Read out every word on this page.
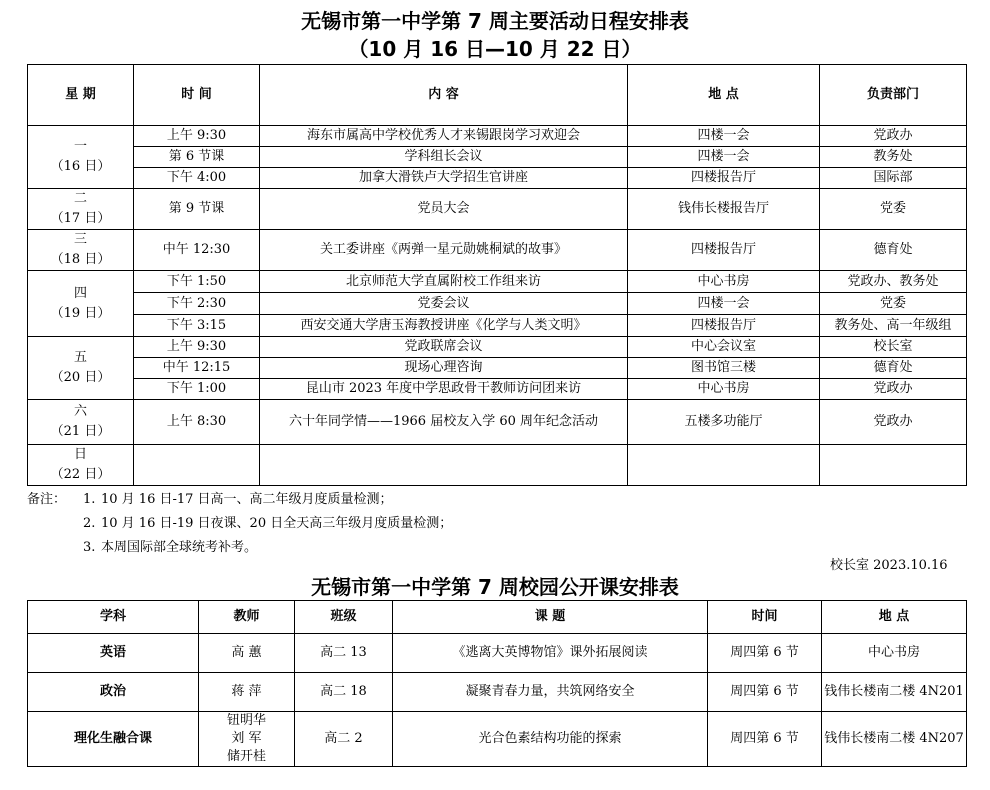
无锡市第一中学第 7 周主要活动日程安排表
（10 月 16 日—10 月 22 日）
星 期	时 间	内 容	地 点	负责部门

一
（16 日）	上午 9:30	海东市属高中学校优秀人才来锡跟岗学习欢迎会	四楼一会	党政办
	第 6 节课	学科组长会议	四楼一会	教务处
	下午 4:00	加拿大滑铁卢大学招生官讲座	四楼报告厅	国际部

二
（17 日）	第 9 节课	党员大会	钱伟长楼报告厅	党委

三
（18 日）	中午 12:30	关工委讲座《两弹一星元勋姚桐斌的故事》	四楼报告厅	德育处

四
（19 日）	下午 1:50	北京师范大学直属附校工作组来访	中心书房	党政办、教务处
	下午 2:30	党委会议	四楼一会	党委
	下午 3:15	西安交通大学唐玉海教授讲座《化学与人类文明》	四楼报告厅	教务处、高一年级组

五
（20 日）	上午 9:30	党政联席会议	中心会议室	校长室
	中午 12:15	现场心理咨询	图书馆三楼	德育处
	下午 1:00	昆山市 2023 年度中学思政骨干教师访问团来访	中心书房	党政办

六
（21 日）	上午 8:30	六十年同学情——1966 届校友入学 60 周年纪念活动	五楼多功能厅	党政办

日
（22 日）				

备注：	1. 10 月 16 日-17 日高一、高二年级月度质量检测；
2. 10 月 16 日-19 日夜课、20 日全天高三年级月度质量检测；
3. 本周国际部全球统考补考。
校长室 2023.10.16
无锡市第一中学第 7 周校园公开课安排表
学科	教师	班级	课 题	时间	地 点
英语	高 蕙	高二 13	《逃离大英博物馆》课外拓展阅读	周四第 6 节	中心书房
政治	蒋 萍	高二 18	凝聚青春力量，共筑网络安全	周四第 6 节	钱伟长楼南二楼 4N201
理化生融合课	钮明华
刘 军
储开桂	高二 2	光合色素结构功能的探索	周四第 6 节	钱伟长楼南二楼 4N207
